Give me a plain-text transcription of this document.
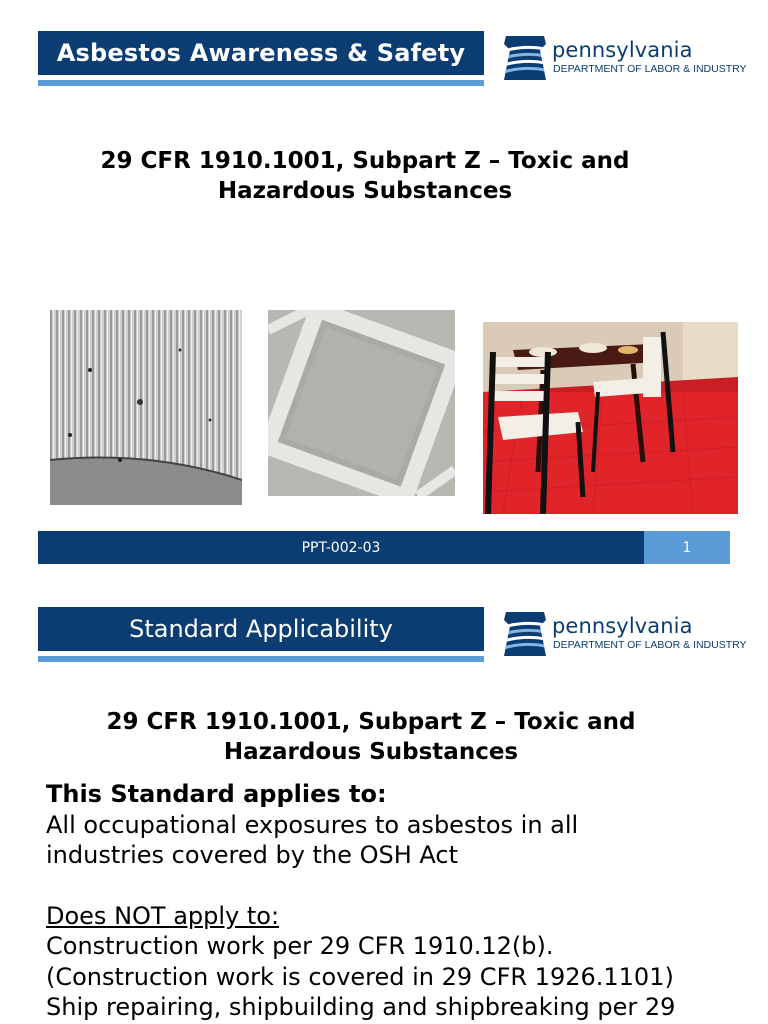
Asbestos Awareness & Safety	pennsylvania
DEPARTMENT OF LABOR & INDUSTRY
29 CFR 1910.1001, Subpart Z – Toxic and
Hazardous Substances
PPT-002-03	1
Standard Applicability	pennsylvania
DEPARTMENT OF LABOR & INDUSTRY
29 CFR 1910.1001, Subpart Z – Toxic and
Hazardous Substances
This Standard applies to:
All occupational exposures to asbestos in all
industries covered by the OSH Act
Does NOT apply to:
Construction work per 29 CFR 1910.12(b).
(Construction work is covered in 29 CFR 1926.1101)
Ship repairing, shipbuilding and shipbreaking per 29
